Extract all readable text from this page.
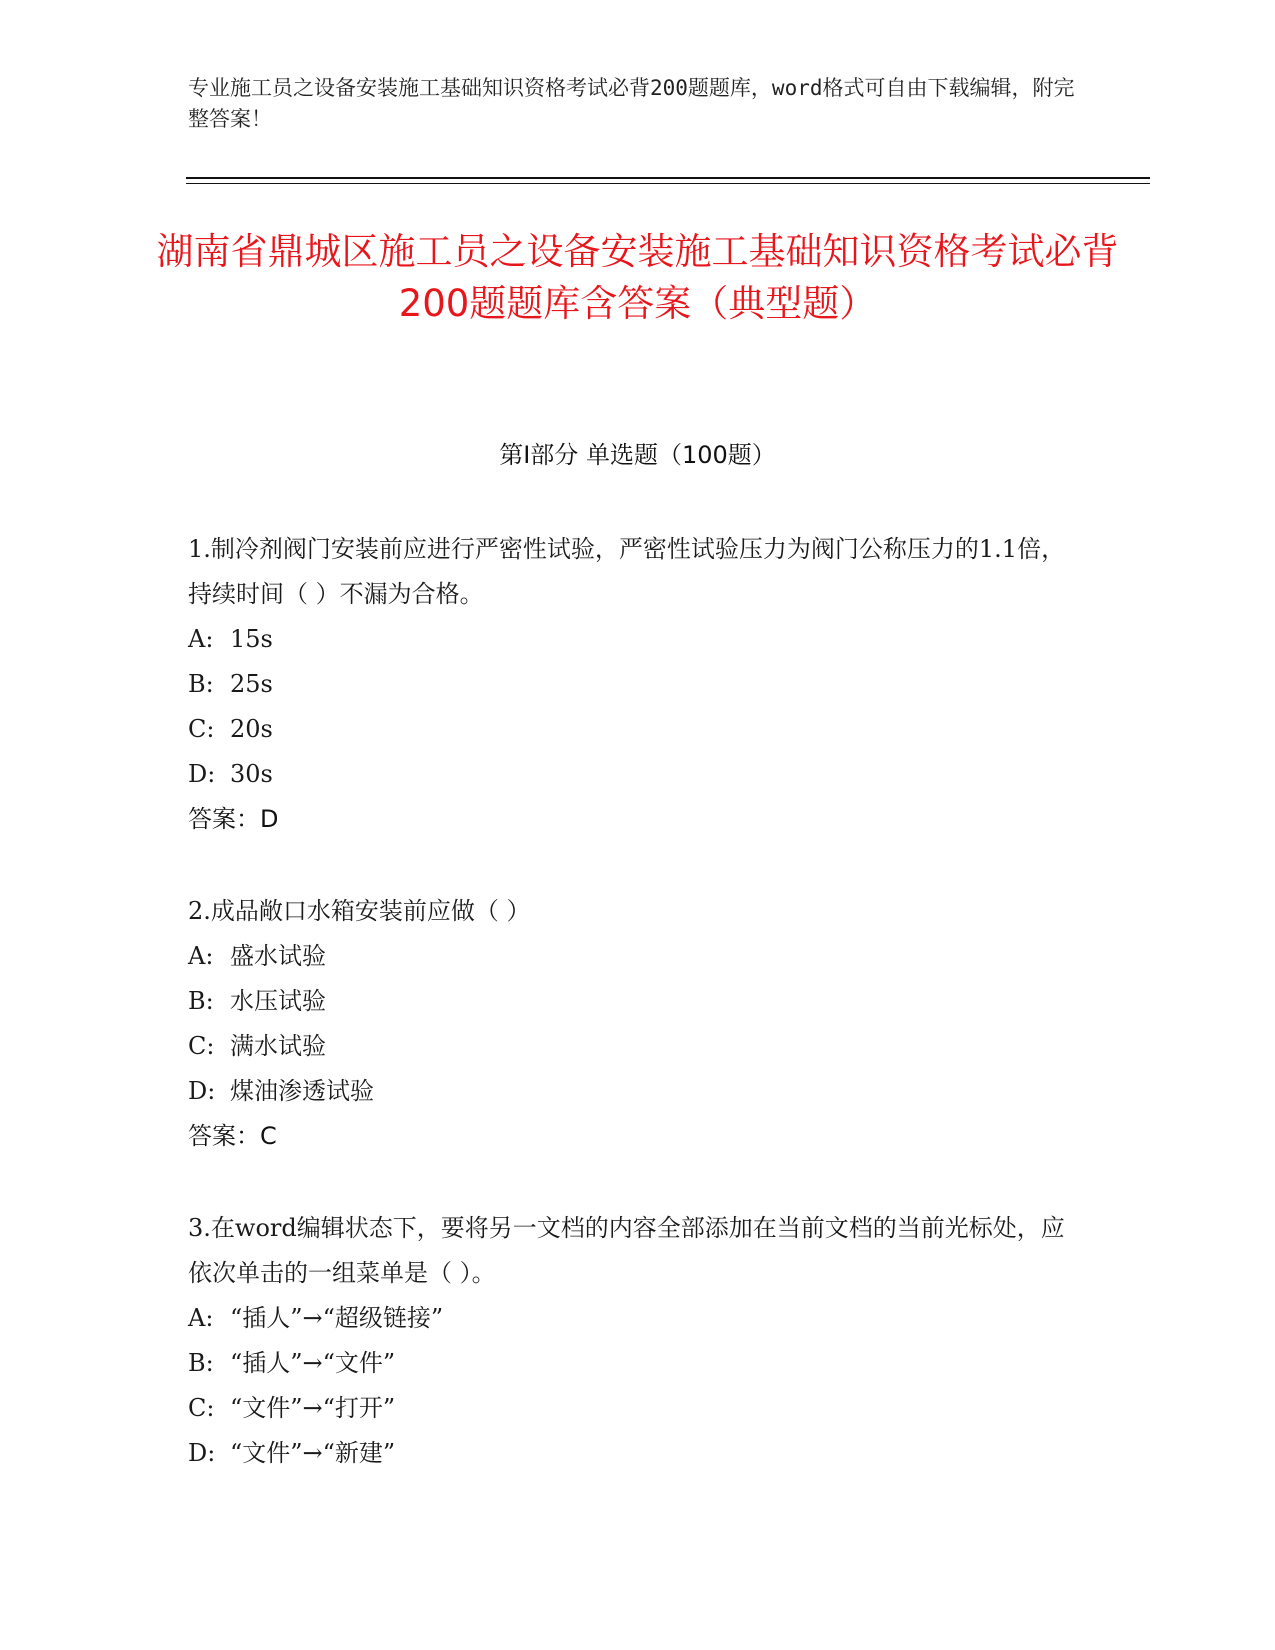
专业施工员之设备安装施工基础知识资格考试必背200题题库，word格式可自由下载编辑，附完整答案！
湖南省鼎城区施工员之设备安装施工基础知识资格考试必背200题题库含答案（典型题）
第I部分 单选题（100题）

1.制冷剂阀门安装前应进行严密性试验，严密性试验压力为阀门公称压力的1.1倍，持续时间（ ）不漏为合格。

A: 15s
B: 25s
C: 20s
D: 30s

答案：D

2.成品敞口水箱安装前应做（ ）

A: 盛水试验
B: 水压试验
C: 满水试验
D: 煤油渗透试验

答案：C

3.在word编辑状态下，要将另一文档的内容全部添加在当前文档的当前光标处，应依次单击的一组菜单是（ ）。

A: “插人”→“超级链接”
B: “插人”→“文件”
C: “文件”→“打开”
D: “文件”→“新建”
